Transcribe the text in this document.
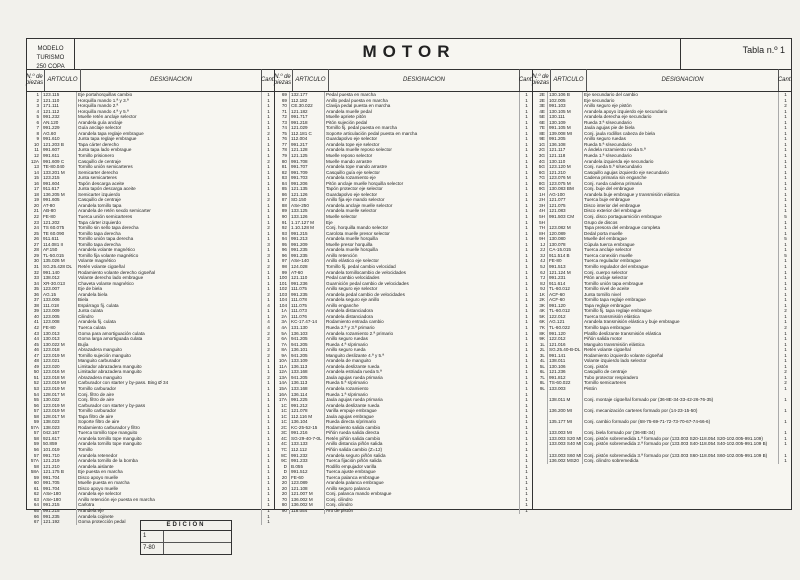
MODELO TURISMO
250 COPA
MOTOR	Tabla n.º 1
N.º de piezas ARTICULO	DESIGNACION	Cant.
1 123.115	Eje portahorquillas cambio	1
2 121.110	Horquilla mando 1.ª y 3.ª	1
3 171.111	Horquilla mando 2.ª	1
4 121.112	Horquilla mando 4.ª y 5.ª	1
5 991.232	Muelle retén anclaje selector	1
6 AN.120	Arandela guía anclaje	1
7 991.229	Guía anclaje selector	1
8 AG.60	Arandela tapa reglaje embrague	2
9 991.610	Junta tapa reglaje embrague	1
10 121.203 B	Tapa cárter derecho	1
11 991.607	Junta tapa lado embrague	1
12 991.611	Tornillo prisionero	1
12A 991.609 C	Casquillo de centraje	2
13 TE-80.040	Tornillo unión semicarteres	1
14 133.201 M	Semicarter derecho	1
15 123.215	Junta semicarteres	1
16 991.604	Tapón descarga aceite	1
17 911.617	Junta tapón descarga aceite	1
18 136.205 M	Semicarter izquierdo	1
19 991.605	Casquillo de centraje	2
20 AT-80	Arandela tornillo tapa	1
21 AB-80	Arandela de retén sexdo semicarter	1
22 FE-80	Tuerca unión semicarteres	1
23 121.202	Tapa cárter izquierdo	1
24 TS 60.075	Tornillo sin sello tapa derecha	2
25 TE 60.090	Tornillo tapa derecha	1
26 911.611	Tornillo unión tapa derecha	1
27 114.081 II	Tornillo tapa derecha	3
28 AF.150	Arandela volante magnético	1
29 TL-50.015	Tornillo fija volante magnético	3
30 135.026 M	Volante magnético	1
31 SG.25.428 DL	Retén volante cigüeñal	2
32 991.140	Rodamiento volante derecho cigüeñal	1
33 138.012	Volante derecho lado embrague	1
34 XR-30.013	Chaveta volante magnético	1
35 123.007	Eje de biela	1
36 AG.15	Arandela biela	2
37 133.006	Biela	1
38 111.018	Espárrago fij. culata	4
39 123.009	Junta culata	1
40 123.005	Cilindro	1
41 123.008	Arandela fij. culata	4
42 FE-80	Tuerca culata	4
43 130.013	Goma para amortiguación culata	2
44 130.013	Goma larga amortiguada culata	2
45 130.022 M	Bujía	1
46 123.018	Abrazadera manguito	2
47 123.019 M	Tornillo sujeción manguito	2
48 123.021	Manguito carburador	1
49 123.020	Limitador abrazadera manguito	1
50 123.016 M	Limitador abrazadera manguito	1
51 123.018 M	Abrazadera manguito	2
52 123.019 MI	Carburador con starter y by-pass. Bing Ø 34	1
53 123.019 M	Tornillo carburador	1
54 128.017 M	Conj. filtro de aire	1
55 130.022	Conj. filtro de aire	1
56 123.019 M	Carburador con starter y by-pass	1
57 123.019 M	Tornillo carburador	1
58 128.017 M	Tapa filtro de aire	1
59 138.023	Soporte filtro de aire	1
57A 138.023	Rodamiento carburador y filtro	1
57 042.167	Tuerca tornillo tope manguito	1
58 921.617	Arandela tornillo tope manguito	1
59 50.859	Arandela tornillo tope manguito	1
56 101.019	Tornillo	1
57 991.710	Arandela retenedor	1
57A 121.219	Arandela tornillo de la bomba	1
58 121.210	Arandela aislante	1
58A 121.175 B	Eje puesta en marcha	1
59 991.704	Disco apoyo muelle	1
60 991.705	Muelle puesta en marcha	1
61 991.704	Disco apoyo muelle	1
62 ASe-180	Arandela eje selector	1
63 ASe-180	Anillo retención eje puesta en marcha	1
64 991.215	Carlotra	1
65 991.215	Arandela eje	1
66 991.235	Arandela cojinete	1
67 121.192	Goma protección pedal	1
N.º de piezas ARTICULO	DESIGNACION	Cant.
69 132.177	Pedal puesta en marcha	1
69 112.182	Anillo pedal puesta en marcha	1
70 CE.30.022	Clavija pedal puesta en marcha	1
71 121.182	Arandela muelle pedal	1
72 991.717	Muelle apriete pitón	1
73 991.218	Pitón sujeción pedal	1
74 121.029	Tornillo fij. pedal puesta en marcha	1
75 112.181 C	Soporte articulación pedal puesta en marcha	1
76 112.004	Guardapolvo eje selector	1
77 991.217	Arandela tope eje selector	1
78 121.128	Arandela muelle reposo selector	1
79 121.125	Muelle reposo selector	1
80 991.708	Muelle mando arrastre	1
81 991.707	Arandela tope mando arrastre	1
82 991.709	Casquillo guía eje selector	1
83 991.703	Arandela rozamiento eje	1
84 991.206	Pitón anclaje muelle horquilla selector	1
85 121.135	Tapón protector eje selector	1
86 121.126	Guardapolvo eje selector	1
87 SD.150	Anillo fija eje mando selector	1
88 ASe-250	Arandela anclaje muelle selector	1
89 133.125	Arandela muelle selector	1
90 133.126	Muelle selector	1
91 1.17.127 M	Eje	1
92 1.10.128 M	Conj. horquilla mando selector	1
93 991.215	Carolota muelle presor selector	1
94 991.213	Arandela muelle horquilla	1
95 991.209	Muelle presor horquilla	1
96 991.235	Arandela muelle horquilla	1
96 991.235	Anillo retención	1
97 ASe-140	Anillo elástico eje selector	1
98 124.028	Tornillo fij. pedal cambio velocidad	1
99 AT-60	Arandela tornillocambio de velocidades	1
100 121.110	Pedal cambio velocidades	1
101 991.236	Guarnición pedal cambio de velocidades	1
102 111.075	Anillo seguro eje selector	1
103 991.235	Arandela pedal cambio de velocidades	1
104 111.078	Arandela seguro eje anillo	1
104 111.075	Anillo enganche	1
1A 111.073	Arandela distanciadora	1
2A 111.076	Arandela distanciadora	1
3A KC-17.47-14	Rodamiento entrada cambio	1
4A 131.130	Rueda 2.ª y 3.ª primario	1
5A 136.103	Arandela rozamiento 2.ª primario	1
6A 941.205	Anillo seguro ruedas	1
7A 941.205	Rueda 4.ª s/primario	1
8A 136.101	Anillo seguro rueda	1
9A 941.205	Manguito deslizante 4.ª y 5.ª	1
10A 133.109	Arandela de manguito	1
11A 136.113	Arandela deslizante rueda	1
12A 133.168	Arandela estriada rueda 5.ª	1
13A 941.205	Jaula agujas rueda primaria	1
14A 136.113	Rueda 5.ª s/primario	1
15A 133.168	Arandela rozamiento	1
16A 136.114	Rueda 1.ª s/primario	1
17A 991.225	Jaula agujas rueda primaria	1
1C 991.212	Arandela deslizante rueda	1
1C 121.078	Varilla empuje embrague	1
1C 112.116 M	Jaula agujas embrague	1
1C 136.104	Rueda directa s/primario	1
2C KC-25-52-15	Rodamiento salida cambio	1
3C 991.216	Piñón rueda salida directa	1
4C SG-29-40-7-0L Retén piñón salida cambio	1
4C 133.133	Anillo distancia piñón salida	1
7C 112.112	Piñón salida cambio (Z=12)	1
8C 991.232	Arandela seguro piñón salida	1
9C 991.233	Tuerca fijación piñón salida	1
D B.055	Rodillo empujador varilla	1
D 991.512	Tuerca ajuste embrague	1
20 FE-60	Tuerca palanca embrague	1
20 123.089	Arandela palanca embrague	1
20 121.108	Anillo seguro palanca	1
20 121.007 M	Conj. palanca mando embrague	1
70 136.002 M	Conj. cilindro	1
80 136.002 M	Conj. cilindro	1
90 118.054	Aro de pistón	1
N.º de piezas ARTICULO	DESIGNACION	Cant.
2E 130.106 B	Eje secundario del cambio	1
2E 102.005	Eje secundario	1
3E 991.103	Anillo seguro eje pistón	2
4E 130.105 M	Arandela apoyo izquierdo eje secundario	1
5E 130.111	Arandela derecha eje secundario	1
6E 130.109	Rueda 3.ª s/secundario	1
7E 991.105 M	Jaula agujas pie de biela	1
8E 139.008 MI	Conj. jaula rodillos cabeza de biela	1
9E 991.205	Anillo seguro ruedas	1
1G 136.108	Rueda 5.ª s/secundario	1
2G 121.117	A ándela rozamiento rueda 5.ª	1
3G 121.118	Rueda 1.ª s/secundario	1
4G 130.110	Arandela izquierda eje secundario	1
5G 123.120 M	Conj. rueda 5.ª s/secundario	1
6G 121.210	Casquillo agujas izquierdo eje secundario	1
7G 123.076 M	Cadena primaria sin enganche	1
8G 123.075 M	Conj. rueda cadena primaria	1
9G 130.083 BM	Conj. buje del embrague	1
1H AG-100	Arandela buje embrague y transmisión elástica	1
2H 121.077	Tuerca buje embrague	1
3H 121.075	Disco interior del embrague	1
4H 121.083	Disco exterior del embrague	1
5H 991.503 CM	Conj. disco portaguarnición embrague	5
5H	Grupo de discos	1
7H 123.082 M	Tapa presora del embrague completa	1
8H 120.089	Dedal porta muelle	1
9H 130.080	Muelle del embrague	5
1J 130.078	Cúpula tuerca embrague	1
2J CA-15.015	Tuerca anclaje selector	1
3J 911.514 B	Tuerca conexión muelle	5
4J FE-80	Tuerca regulador embrague	1
5J 991.513	Tornillo regulador del embrague	1
6J 121.124 M	Conj. cuerpo selector	1
7J 991.231	Pitón anclaje selector	1
8J 911.614	Tornillo unión tapa embrague	1
9J TL-60.012	Tornillo nivel de aceite	1
1K ACF-60	Junta tornillo nivel	1
2K ACF-60	Tornillo tapa reglaje embrague	1
3K 991.120	Tapa reglaje embrague	1
4K TL-60.012	Tornillo fij. tapa reglaje embrague	2
5K 122.012	Tuerca transmisión elástica	1
6K AG.121	Arandela transmisión elástica y buje embrague	1
7K TL-60.022	Tornillo tapa embrague	2
8K 991.120	Platillo deslizante transmisión elástica	1
9K 122.012	Piñón salida motor	1
1L 121.016	Manguito transmisión elástica	1
2L SG.25.40-B-DL Retén volante cigüeñal	1
3L 991.141	Rodamiento izquierdo volante cigüeñal	1
4L 138.011	Volante izquierdo lado selector	1
5L 130.106	Conj. pistón	1
6L 121.236	Casquillo de centraje	2
7L 991.812	Tubo protector respiradero	1
8L TS-60.022	Tornillo semicarteres	2
9L 133.003	Pistón	1
138.011 M	Conj. montaje cigüeñal formado por (36-8E-34-33-42-26-76-35)	1
136.200 MI	Conj. mecanización carteres formado por (14-23-15-50)	1
135.177 MI	Conj. cambio formado por (68-75-69-71-72-73-70-67-74-66-6)	1
133.003 MI	Conj. biela formado por (36-8E-34)	1
133.003 S20 MI Conj. pistón sobremedida 1.ª formado por (133.003 S20-118.054 S20-102.005-991.109)	1
133.003 S40 MI Conj. pistón sobremedida 2.ª formado por (133.003 S40-118.054 S40-102.005-991.109 B)	1
133.003 S60 MI Conj. pistón sobremedida 3.ª formado por (133.003 S60-118.054 S60-102.005-991.109 B)	1
136.002 MS20	Conj. cilindro sobremedida	1
EDICION
1
7-80
